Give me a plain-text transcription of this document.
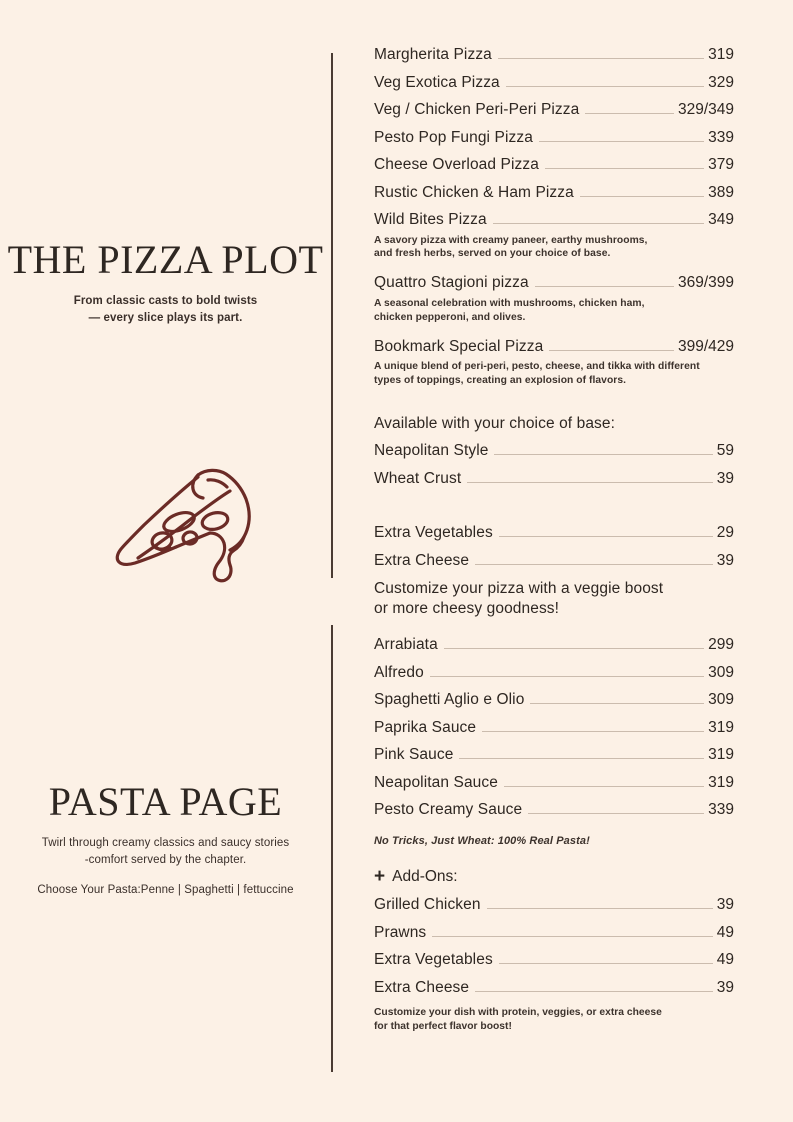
THE PIZZA PLOT
From classic casts to bold twists
— every slice plays its part.
Margherita Pizza	319
Veg Exotica Pizza	329
Veg / Chicken Peri-Peri Pizza	329/349
Pesto Pop Fungi Pizza	339
Cheese Overload Pizza	379
Rustic Chicken & Ham Pizza	389
Wild Bites Pizza	349
A savory pizza with creamy paneer, earthy mushrooms,
and fresh herbs, served on your choice of base.
Quattro Stagioni pizza	369/399
A seasonal celebration with mushrooms, chicken ham,
chicken pepperoni, and olives.
Bookmark Special Pizza	399/429
A unique blend of peri-peri, pesto, cheese, and tikka with different
types of toppings, creating an explosion of flavors.
Available with your choice of base:
Neapolitan Style	59
Wheat Crust	39
Extra Vegetables	29
Extra Cheese	39
Customize your pizza with a veggie boost
or more cheesy goodness!
PASTA PAGE
Twirl through creamy classics and saucy stories
-comfort served by the chapter.
Choose Your Pasta:Penne | Spaghetti | fettuccine
Arrabiata	299
Alfredo	309
Spaghetti Aglio e Olio	309
Paprika Sauce	319
Pink Sauce	319
Neapolitan Sauce	319
Pesto Creamy Sauce	339
No Tricks, Just Wheat: 100% Real Pasta!
+ Add-Ons:
Grilled Chicken	39
Prawns	49
Extra Vegetables	49
Extra Cheese	39
Customize your dish with protein, veggies, or extra cheese
for that perfect flavor boost!
